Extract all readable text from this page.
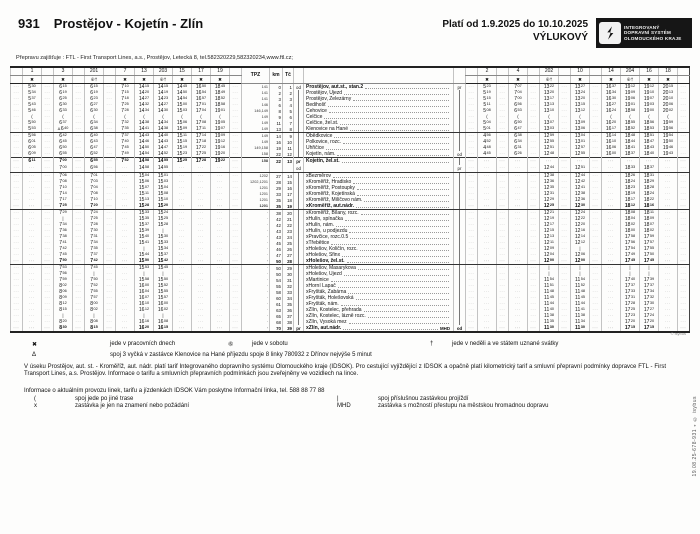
931 Prostějov - Kojetín - Zlín	Platí od 1.9.2025 do 10.10.2025
VÝLUKOVÝ
INTEGROVANÝ
DOPRAVNÍ SYSTÉM
OLOMOUCKÉHO KRAJE
Přepravu zajišťuje : FTL - First Transport Lines, a.s., Prostějov, Letecká 8, tel.582320229,582320234,www.ftl.cz;
	1		3		201		7	13	203	15	17	19		TPZ	km	Tč					2		4		202		10		14	204	16	18	
	✖		✖		⑥†		✖	✖	⑥†	✖	✖	✖									✖		✖		⑥†		✖		✖	⑥†	✖	✖	
···	$5^{30}$	···	$6^{15}$	···	$6^{15}$	···	$7^{10}$	$14^{15}$	$14^{15}$	$14^{45}$	$16^{50}$	$18^{45}$	···	141	0	1	od	Prostějov, aut.st., stan.2	pr	···	$5^{23}$	···	$7^{07}$	···	$13^{22}$	···	$13^{27}$	···	$16^{37}$	$19^{12}$	$19^{12}$	$20^{15}$	···
···	$5^{34}$	···	$6^{19}$	···	$6^{19}$	···	$7^{15}$	$14^{20}$	$14^{19}$	$14^{50}$	$16^{54}$	$18^{49}$	···	141	2	2		Prostějov, Újezd		···	$5^{19}$	···	$7^{04}$	···	$13^{20}$	···	$13^{24}$	···	$16^{34}$	$19^{09}$	$19^{10}$	$20^{13}$	···
···	$5^{37}$	···	$6^{25}$	···	$6^{23}$	···	$7^{18}$	$14^{27}$	$14^{23}$	$14^{54}$	$16^{57}$	$18^{52}$	···	141	3	3		Prostějov, Železárny		···	$5^{15}$	···	$7^{00}$	···	$13^{17}$	···	$13^{20}$	···	$16^{30}$	$19^{06}$	$19^{07}$	$20^{10}$	···
···	$5^{43}$	···	$6^{30}$	···	$6^{27}$	···	$7^{25}$	$14^{32}$	$14^{27}$	$15^{00}$	$17^{01}$	$18^{58}$	···	146	6	4		Bedihošť		···	$5^{11}$	···	$6^{56}$	···	$13^{13}$	···	$13^{15}$	···	$16^{27}$	$19^{01}$	$19^{03}$	$20^{06}$	···
···	$5^{46}$	···	$6^{33}$	···	$6^{30}$	···	$7^{28}$	$14^{34}$	$14^{30}$	$15^{03}$	$17^{04}$	$19^{01}$	···	146,149	8	5		Čehovice		···	$5^{08}$	···	$6^{53}$	···	$13^{10}$	···	$13^{12}$	···	$16^{24}$	$18^{58}$	$19^{00}$	$20^{02}$	···
···	(	···	(	···	(	···	(	(	(	(	(	(	···	149	9	6		Čelčice		···	(	···	(	···	(	···	(	···	(	(	(	(	···
···	$5^{50}$	···	$6^{37}$	···	$6^{34}$	···	$7^{32}$	$14^{38}$	$14^{34}$	$15^{06}$	$17^{08}$	$19^{05}$	···	149	11	7		Čelčice, žel.st.		···	$5^{04}$	···	$6^{50}$	···	$13^{07}$	···	$13^{09}$	···	$16^{20}$	$18^{55}$	$18^{56}$	$19^{59}$	···
···	$5^{53}$	···	$\Delta 6^{40}$	···	$6^{38}$	···	$7^{35}$	$14^{41}$	$14^{38}$	$15^{09}$	$17^{11}$	$19^{07}$	···	149	13	8		Klenovice na Hané		···	$5^{01}$	···	$6^{47}$	···	$13^{03}$	···	$13^{06}$	···	$16^{17}$	$18^{52}$	$18^{53}$	$19^{56}$	···
···	$5^{56}$	···	$6^{42}$	···	$6^{40}$	···	$7^{37}$	$14^{43}$	$14^{40}$	$15^{11}$	$17^{14}$	$19^{09}$	···	149	14	9		Obědkovice		···	$4^{56}$	···	$6^{38}$	···	$12^{59}$	···	$13^{04}$	···	$16^{14}$	$18^{48}$	$18^{51}$	$19^{54}$	···
···	$6^{01}$	···	$6^{45}$	···	$6^{43}$	···	$7^{40}$	$14^{46}$	$14^{43}$	$15^{15}$	$17^{18}$	$19^{12}$	···	149	16	10		Polkovice, rozc.		···	$4^{52}$	···	$6^{34}$	···	$12^{55}$	···	$13^{01}$	···	$16^{10}$	$18^{44}$	$18^{47}$	$19^{50}$	···
···	$6^{05}$	···	$6^{50}$	···	$6^{47}$	···	$7^{45}$	$14^{50}$	$14^{47}$	$15^{19}$	$17^{22}$	$19^{16}$	···	149,158	19	11		Uhřičice		···	$4^{48}$	···	$6^{31}$	···	$12^{51}$	···	$12^{57}$	···	$16^{06}$	$18^{41}$	$18^{43}$	$19^{46}$	···
···	$6^{09}$	···	$6^{55}$	···	$6^{52}$	···	$7^{49}$	$14^{54}$	$14^{52}$	$15^{23}$	$17^{25}$	$19^{20}$	···	158	22	12		Kojetín, nám.	od	···	$4^{45}$	···	$6^{26}$	···	$12^{48}$	···	$12^{55}$	···	$16^{00}$	$18^{37}$	$18^{40}$	$19^{43}$	···
···	$6^{11}$	···	$7^{00}$	···	$6^{55}$	···	$7^{52}$	$14^{58}$	$14^{55}$	$15^{25}$	$17^{28}$	$19^{22}$	···	158	22	13	pr	Kojetín, žel.st.		···	···	···	···	···	···	···	···	···	···	···	···	···	···
···	···	···	$7^{00}$	···	$6^{56}$	···	···	$14^{58}$	$14^{55}$	···	···	···	···				od		pr	···	···	···	···	···	$12^{44}$	···	$12^{51}$	···	···	$18^{33}$	$18^{37}$	···	···
···	···	···	$7^{06}$	···	$7^{01}$	···	···	$15^{04}$	$15^{01}$	···	···	···	···	1202	27	14		xBezměrov		···	···	···	···	···	$12^{38}$	···	$12^{44}$	···	···	$18^{26}$	$18^{31}$	···	···
···	···	···	$7^{08}$	···	$7^{03}$	···	···	$15^{06}$	$15^{03}$	···	···	···	···	1202,1201	28	15		xKroměříž, Hradisko		···	···	···	···	···	$12^{36}$	···	$12^{42}$	···	···	$18^{24}$	$18^{29}$	···	···
···	···	···	$7^{10}$	···	$7^{04}$	···	···	$15^{07}$	$15^{04}$	···	···	···	···	1201	29	16		xKroměříž, Postoupky		···	···	···	···	···	$12^{35}$	···	$12^{41}$	···	···	$18^{23}$	$18^{28}$	···	···
···	···	···	$7^{14}$	···	$7^{08}$	···	···	$15^{11}$	$15^{08}$	···	···	···	···	1201	33	17		xKroměříž, Kojetínská		···	···	···	···	···	$12^{31}$	···	$12^{38}$	···	···	$18^{19}$	$18^{24}$	···	···
···	···	···	$7^{17}$	···	$7^{10}$	···	···	$15^{13}$	$15^{10}$	···	···	···	···	1201	35	18		xKroměříž, Milíčovo nám.		···	···	···	···	···	$12^{29}$	···	$12^{36}$	···	···	$18^{17}$	$18^{22}$	···	···
···	···	···	$7^{25}$	···	$7^{20}$	···	···	$15^{28}$	$15^{20}$	···	···	···	···	1201	35	19		xKroměříž, aut.nádr.		···	···	···	···	···	$12^{25}$	···	$12^{30}$	···	···	$18^{12}$	$18^{16}$	···	···
···	···	···	$7^{29}$	···	$7^{24}$	···	···	$15^{33}$	$15^{24}$	···	···	···	···	·	38	20		xKroměříž, Bílany, rozc.		···	···	···	···	···	$12^{21}$	···	$12^{24}$	···	···	$18^{08}$	$18^{11}$	···	···
···	···	···	|	···	$7^{25}$	···	···	$15^{35}$	$15^{25}$	···	···	···	···	·	42	21		xHulín, spínačka		···	···	···	···	···	$12^{19}$	···	$12^{22}$	···	···	$18^{04}$	$18^{09}$	···	···
···	···	···	$7^{34}$	···	$7^{28}$	···	···	$15^{37}$	$15^{28}$	···	···	···	···	·	42	22		xHulín, nám.		···	···	···	···	···	$12^{17}$	···	$12^{20}$	···	···	$18^{02}$	$18^{07}$	···	···
···	···	···	$7^{36}$	···	$7^{30}$	···	···	$15^{39}$	|	···	···	···	···	·	43	23		xHulín, u podjezdu		···	···	···	···	···	$12^{15}$	···	$12^{16}$	···	···	$18^{00}$	$18^{02}$	···	···
···	···	···	$7^{38}$	···	$7^{31}$	···	···	$15^{40}$	$15^{30}$	···	···	···	···	·	43	24		xPravčice, rozc.0.5		···	···	···	···	···	$12^{13}$	···	$12^{14}$	···	···	$17^{58}$	$17^{59}$	···	···
···	···	···	$7^{41}$	···	$7^{34}$	···	···	$15^{41}$	$15^{33}$	···	···	···	···	·	45	25		xTřebětice		···	···	···	···	···	$12^{11}$	···	$12^{12}$	···	···	$17^{56}$	$17^{57}$	···	···
···	···	···	$7^{42}$	···	$7^{35}$	···	···	|	$15^{34}$	···	···	···	···	·	46	26		xHolešov, Količín, rozc.		···	···	···	···	···	$12^{09}$	···	|	···	···	$17^{54}$	$17^{55}$	···	···
···	···	···	$7^{45}$	···	$7^{37}$	···	···	$15^{44}$	$15^{37}$	···	···	···	···	·	47	27		xHolešov, Sfinx		···	···	···	···	···	$12^{04}$	···	$12^{06}$	···	···	$17^{49}$	$17^{50}$	···	···
···	···	···	$7^{50}$	···	$7^{42}$	···	···	$15^{50}$	$15^{42}$	···	···	···	···	·	50	28		xHolešov, žel.st.		···	···	···	···	···	$12^{00}$	···	$12^{00}$	···	···	$17^{45}$	$17^{45}$	···	···
···	···	···	$7^{53}$	···	$7^{45}$	···	···	$15^{53}$	$15^{45}$	···	···	···	···	·	50	29		xHolešov, Masarykova		···	···	···	···	···	|	···	|	···	···	|	|	···	···
···	···	···	$7^{56}$	···	|	···	···	|	|	···	···	···	···	·	50	30		xHolešov, Újezd		···	···	···	···	···	|	···	|	···	···	|	|	···	···
···	···	···	$7^{59}$	···	$7^{50}$	···	···	$15^{58}$	$15^{50}$	···	···	···	···	·	54	31		xMartinice		···	···	···	···	···	$11^{54}$	···	$11^{54}$	···	···	$17^{40}$	$17^{39}$	···	···
···	···	···	$8^{02}$	···	$7^{52}$	···	···	$16^{00}$	$15^{52}$	···	···	···	···	·	55	32		xHorní Lapač		···	···	···	···	···	$11^{51}$	···	$11^{52}$	···	···	$17^{37}$	$17^{37}$	···	···
···	···	···	$8^{06}$	···	$7^{55}$	···	···	$16^{04}$	$15^{55}$	···	···	···	···	·	58	33		xFryšták, Žabárna		···	···	···	···	···	$11^{48}$	···	$11^{48}$	···	···	$17^{33}$	$17^{34}$	···	···
···	···	···	$8^{09}$	···	$7^{57}$	···	···	$16^{07}$	$15^{57}$	···	···	···	···	·	60	34		xFryšták, Holešovská		···	···	···	···	···	$11^{45}$	···	$11^{45}$	···	···	$17^{31}$	$17^{32}$	···	···
···	···	···	$8^{12}$	···	$8^{00}$	···	···	$16^{10}$	$16^{00}$	···	···	···	···	·	61	35		xFryšták, nám.		···	···	···	···	···	$11^{44}$	···	$11^{44}$	···	···	$17^{28}$	$17^{30}$	···	···
···	···	···	$8^{15}$	···	$8^{02}$	···	···	$16^{12}$	$16^{02}$	···	···	···	···	·	63	36		xZlín, Kostelec, přehrada		···	···	···	···	···	$11^{40}$	···	$11^{41}$	···	···	$17^{25}$	$17^{27}$	···	···
···	···	···	|	···	|	···	···	|	|	···	···	···	···	·	65	37		xZlín, Kostelec, lázně rozc.		···	···	···	···	···	$11^{38}$	···	$11^{38}$	···	···	$17^{23}$	$17^{24}$	···	···
···	···	···	$8^{20}$	···	$8^{08}$	···	···	$16^{16}$	$16^{08}$	···	···	···	···	·	68	38		xZlín, Vysoká mez		···	···	···	···	···	$11^{35}$	···	$11^{34}$	···	···	$17^{20}$	$17^{20}$	···	···
···	···	···	$8^{30}$	···	$8^{15}$	···	···	$16^{20}$	$16^{15}$	···	···	···	···	·	70	39	pr	xZlín, aut.nádr. MHD	od	···	···	···	···	···	$11^{30}$	···	$11^{30}$	···	···	$17^{15}$	$17^{15}$	···	···
© isybus
✖	jede v pracovních dnech	⑥	jede v sobotu	†	jede v neděli a ve státem uznané svátky
Δ	spoj 3 vyčká v zastávce Klenovice na Hané příjezdu spoje 8 linky 780932 z Dřínov nejvýše 5 minut
V úseku Prostějov, aut. st. - Kroměříž, aut. nádr. platí tarif Integrovaného dopravního systému Olomouckého kraje (IDSOK). Pro cestující vyjíždějící z IDSOK a opačně platí kilometrický tarif a smluvní přepravní podmínky dopravce FTL - First Transport Lines, a.s. Prostějov. Informace o tarifu a smluvních přepravních podmínkách jsou zveřejněny ve vozidlech na lince.
Informace o aktuálním provozu linek, tarifu a jízdenkách IDSOK Vám poskytne Informační linka, tel. 588 88 77 88
(	spoj jede po jiné trase	|	spoj příslušnou zastávkou projíždí
x	zastávka je jen na znamení nebo požádání	MHD	zastávka s možností přestupu na městskou hromadnou dopravu	19.08.25-678-931 ∘ © isybus
